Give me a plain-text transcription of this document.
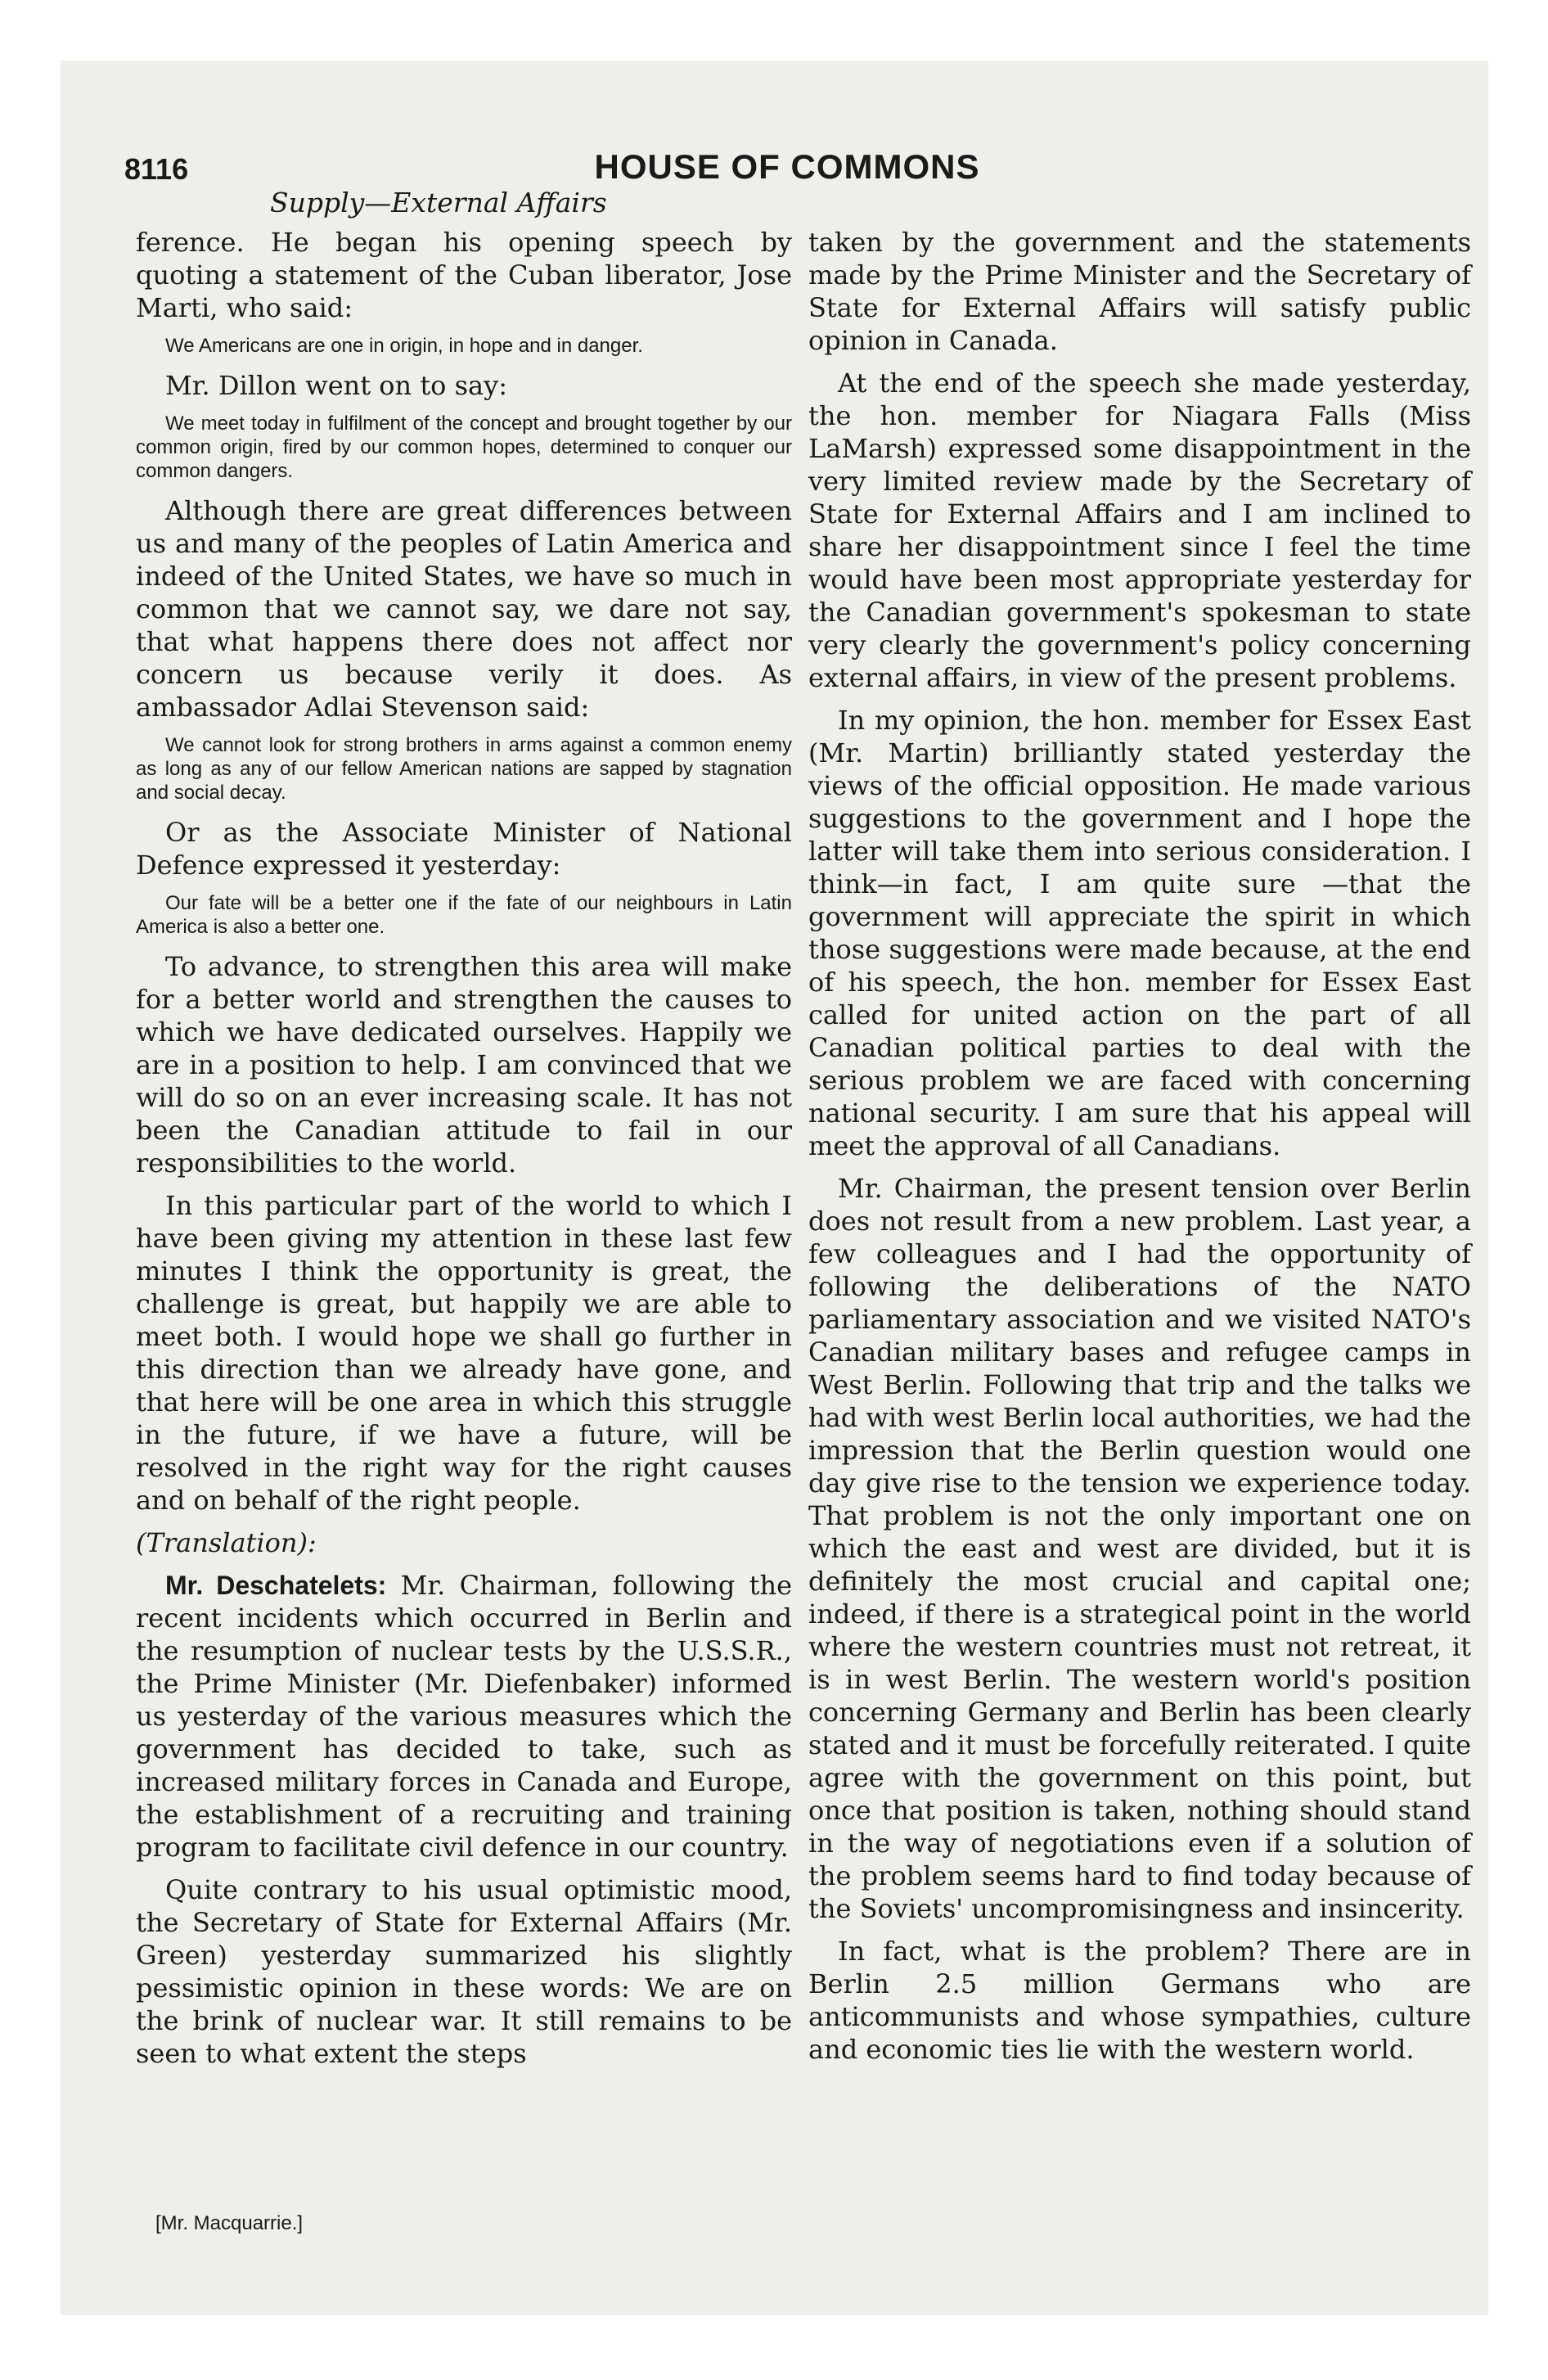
8116	HOUSE OF COMMONS
Supply—External Affairs

ference. He began his opening speech by quoting a statement of the Cuban liberator, Jose Marti, who said:

We Americans are one in origin, in hope and in danger.

Mr. Dillon went on to say:

We meet today in fulfilment of the concept and brought together by our common origin, fired by our common hopes, determined to conquer our common dangers.

Although there are great differences between us and many of the peoples of Latin America and indeed of the United States, we have so much in common that we cannot say, we dare not say, that what happens there does not affect nor concern us because verily it does. As ambassador Adlai Stevenson said:

We cannot look for strong brothers in arms against a common enemy as long as any of our fellow American nations are sapped by stagnation and social decay.

Or as the Associate Minister of National Defence expressed it yesterday:

Our fate will be a better one if the fate of our neighbours in Latin America is also a better one.

To advance, to strengthen this area will make for a better world and strengthen the causes to which we have dedicated ourselves. Happily we are in a position to help. I am convinced that we will do so on an ever increasing scale. It has not been the Canadian attitude to fail in our responsibilities to the world.

In this particular part of the world to which I have been giving my attention in these last few minutes I think the opportunity is great, the challenge is great, but happily we are able to meet both. I would hope we shall go further in this direction than we already have gone, and that here will be one area in which this struggle in the future, if we have a future, will be resolved in the right way for the right causes and on behalf of the right people.

(Translation):

Mr. Deschatelets: Mr. Chairman, following the recent incidents which occurred in Berlin and the resumption of nuclear tests by the U.S.S.R., the Prime Minister (Mr. Diefenbaker) informed us yesterday of the various measures which the government has decided to take, such as increased military forces in Canada and Europe, the establishment of a recruiting and training program to facilitate civil defence in our country.

Quite contrary to his usual optimistic mood, the Secretary of State for External Affairs (Mr. Green) yesterday summarized his slightly pessimistic opinion in these words: We are on the brink of nuclear war. It still remains to be seen to what extent the steps

taken by the government and the statements made by the Prime Minister and the Secretary of State for External Affairs will satisfy public opinion in Canada.

At the end of the speech she made yesterday, the hon. member for Niagara Falls (Miss LaMarsh) expressed some disappointment in the very limited review made by the Secretary of State for External Affairs and I am inclined to share her disappointment since I feel the time would have been most appropriate yesterday for the Canadian government's spokesman to state very clearly the government's policy concerning external affairs, in view of the present problems.

In my opinion, the hon. member for Essex East (Mr. Martin) brilliantly stated yesterday the views of the official opposition. He made various suggestions to the government and I hope the latter will take them into serious consideration. I think—in fact, I am quite sure —that the government will appreciate the spirit in which those suggestions were made because, at the end of his speech, the hon. member for Essex East called for united action on the part of all Canadian political parties to deal with the serious problem we are faced with concerning national security. I am sure that his appeal will meet the approval of all Canadians.

Mr. Chairman, the present tension over Berlin does not result from a new problem. Last year, a few colleagues and I had the opportunity of following the deliberations of the NATO parliamentary association and we visited NATO's Canadian military bases and refugee camps in West Berlin. Following that trip and the talks we had with west Berlin local authorities, we had the impression that the Berlin question would one day give rise to the tension we experience today. That problem is not the only important one on which the east and west are divided, but it is definitely the most crucial and capital one; indeed, if there is a strategical point in the world where the western countries must not retreat, it is in west Berlin. The western world's position concerning Germany and Berlin has been clearly stated and it must be forcefully reiterated. I quite agree with the government on this point, but once that position is taken, nothing should stand in the way of negotiations even if a solution of the problem seems hard to find today because of the Soviets' uncompromisingness and insincerity.

In fact, what is the problem? There are in Berlin 2.5 million Germans who are anticommunists and whose sympathies, culture and economic ties lie with the western world.

[Mr. Macquarrie.]
